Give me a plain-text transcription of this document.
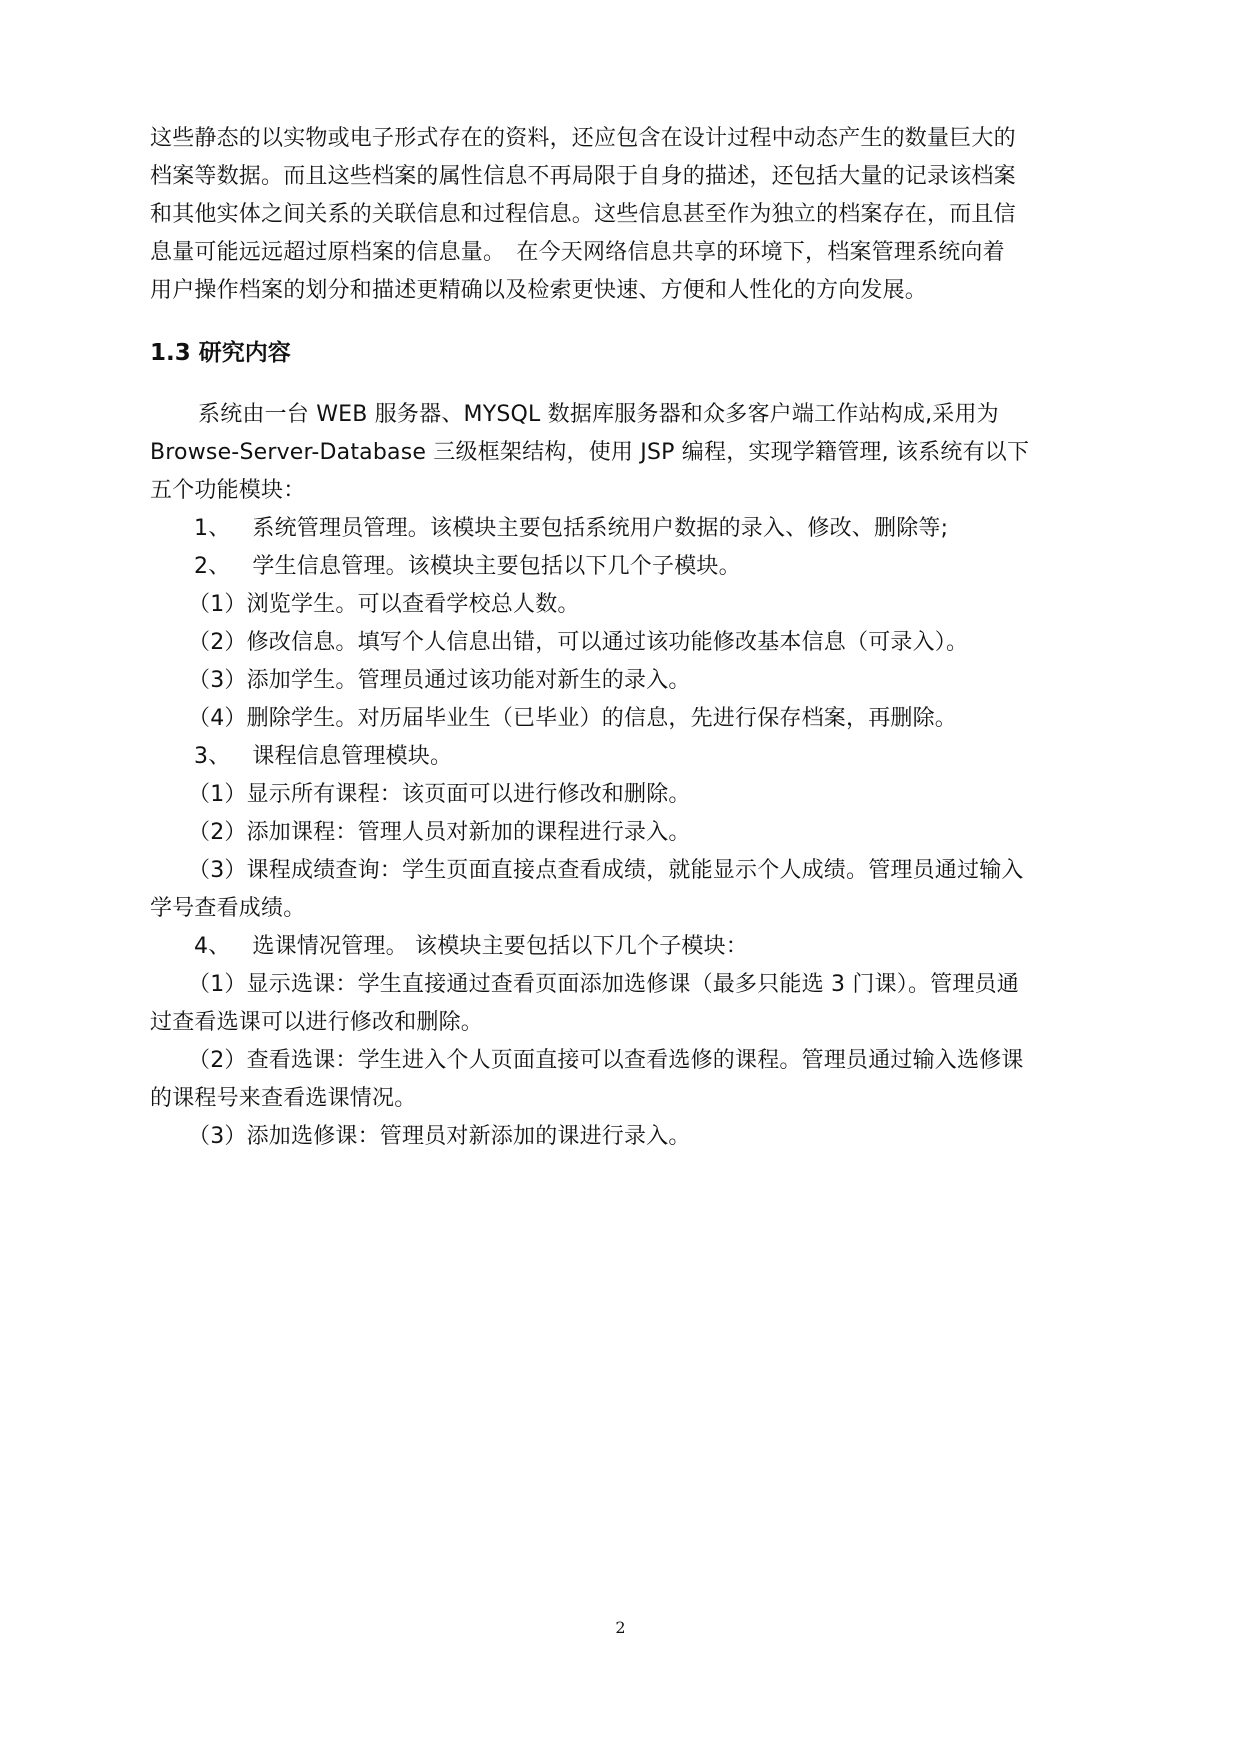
这些静态的以实物或电子形式存在的资料，还应包含在设计过程中动态产生的数量巨大的

档案等数据。而且这些档案的属性信息不再局限于自身的描述，还包括大量的记录该档案

和其他实体之间关系的关联信息和过程信息。这些信息甚至作为独立的档案存在，而且信

息量可能远远超过原档案的信息量。　在今天网络信息共享的环境下，档案管理系统向着

用户操作档案的划分和描述更精确以及检索更快速、方便和人性化的方向发展。

1.3 研究内容

系统由一台 WEB 服务器、MYSQL 数据库服务器和众多客户端工作站构成,采用为

Browse-Server-Database 三级框架结构，使用 JSP 编程，实现学籍管理, 该系统有以下

五个功能模块：

1、 系统管理员管理。该模块主要包括系统用户数据的录入、修改、删除等;

2、 学生信息管理。该模块主要包括以下几个子模块。

（1）浏览学生。可以查看学校总人数。

（2）修改信息。填写个人信息出错，可以通过该功能修改基本信息（可录入）。

（3）添加学生。管理员通过该功能对新生的录入。

（4）删除学生。对历届毕业生（已毕业）的信息，先进行保存档案，再删除。

3、 课程信息管理模块。

（1）显示所有课程：该页面可以进行修改和删除。

（2）添加课程：管理人员对新加的课程进行录入。

（3）课程成绩查询：学生页面直接点查看成绩，就能显示个人成绩。管理员通过输入

学号查看成绩。

4、 选课情况管理。 该模块主要包括以下几个子模块：

（1）显示选课：学生直接通过查看页面添加选修课（最多只能选 3 门课）。管理员通

过查看选课可以进行修改和删除。

（2）查看选课：学生进入个人页面直接可以查看选修的课程。管理员通过输入选修课

的课程号来查看选课情况。

（3）添加选修课：管理员对新添加的课进行录入。

2
